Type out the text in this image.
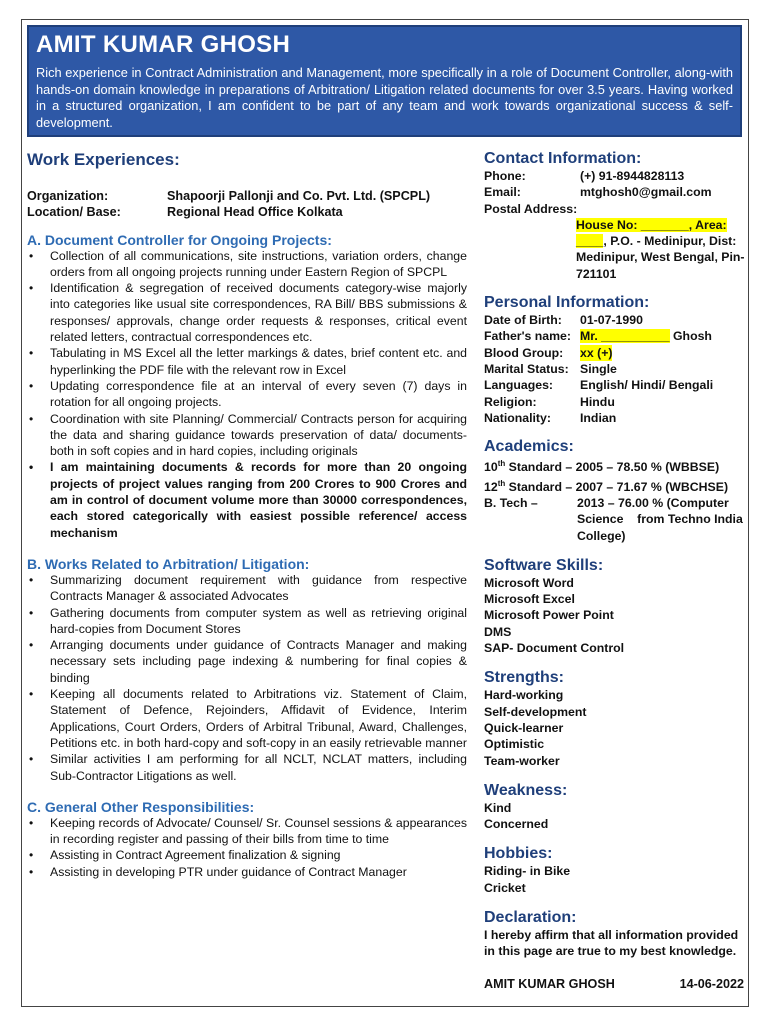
AMIT KUMAR GHOSH
Rich experience in Contract Administration and Management, more specifically in a role of Document Controller, along-with hands-on domain knowledge in preparations of Arbitration/ Litigation related documents for over 3.5 years. Having worked in a structured organization, I am confident to be part of any team and work towards organizational success & self-development.
Work Experiences:
Organization:	Shapoorji Pallonji and Co. Pvt. Ltd. (SPCPL)
Location/ Base:	Regional Head Office Kolkata
A. Document Controller for Ongoing Projects:
• Collection of all communications, site instructions, variation orders, change orders from all ongoing projects running under Eastern Region of SPCPL
• Identification & segregation of received documents category-wise majorly into categories like usual site correspondences, RA Bill/ BBS submissions & responses/ approvals, change order requests & responses, critical event related letters, contractual correspondences etc.
• Tabulating in MS Excel all the letter markings & dates, brief content etc. and hyperlinking the PDF file with the relevant row in Excel
• Updating correspondence file at an interval of every seven (7) days in rotation for all ongoing projects.
• Coordination with site Planning/ Commercial/ Contracts person for acquiring the data and sharing guidance towards preservation of data/ documents- both in soft copies and in hard copies, including originals
• I am maintaining documents & records for more than 20 ongoing projects of project values ranging from 200 Crores to 900 Crores and am in control of document volume more than 30000 correspondences, each stored categorically with easiest possible reference/ access mechanism
B. Works Related to Arbitration/ Litigation:
• Summarizing document requirement with guidance from respective Contracts Manager & associated Advocates
• Gathering documents from computer system as well as retrieving original hard-copies from Document Stores
• Arranging documents under guidance of Contracts Manager and making necessary sets including page indexing & numbering for final copies & binding
• Keeping all documents related to Arbitrations viz. Statement of Claim, Statement of Defence, Rejoinders, Affidavit of Evidence, Interim Applications, Court Orders, Orders of Arbitral Tribunal, Award, Challenges, Petitions etc. in both hard-copy and soft-copy in an easily retrievable manner
• Similar activities I am performing for all NCLT, NCLAT matters, including Sub-Contractor Litigations as well.
C. General Other Responsibilities:
• Keeping records of Advocate/ Counsel/ Sr. Counsel sessions & appearances in recording register and passing of their bills from time to time
• Assisting in Contract Agreement finalization & signing
• Assisting in developing PTR under guidance of Contract Manager
Contact Information:
Phone:	(+) 91-8944828113
Email:	mtghosh0@gmail.com
Postal Address:
House No: _______, Area:
____, P.O. - Medinipur, Dist:
Medinipur, West Bengal, Pin-
721101
Personal Information:
Date of Birth:	01-07-1990
Father's name: Mr. __________ Ghosh
Blood Group:	xx (+)
Marital Status: Single
Languages:	English/ Hindi/ Bengali
Religion:	Hindu
Nationality:	Indian
Academics:
10th Standard – 2005 – 78.50 % (WBBSE)
12th Standard – 2007 – 71.67 % (WBCHSE)
B. Tech –	2013 – 76.00 % (Computer
Science    from Techno India
College)
Software Skills:
Microsoft Word
Microsoft Excel
Microsoft Power Point
DMS
SAP- Document Control
Strengths:
Hard-working
Self-development
Quick-learner
Optimistic
Team-worker
Weakness:
Kind
Concerned
Hobbies:
Riding- in Bike
Cricket
Declaration:
I hereby affirm that all information provided in this page are true to my best knowledge.
AMIT KUMAR GHOSH	14-06-2022
